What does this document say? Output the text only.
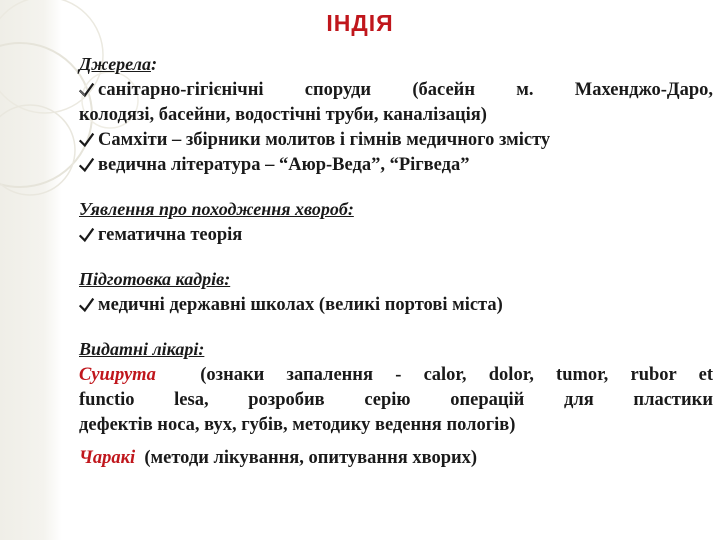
ІНДІЯ
Джерела:
санітарно-гігієнічні споруди (басейн м. Махенджо-Даро,
колодязі, басейни, водостічні труби, каналізація)
Самхіти – збірники молитов і гімнів медичного змісту
ведична література – “Аюр-Веда”, “Рігведа”
Уявлення про походження хвороб:
гематична теорія
Підготовка кадрів:
медичні державні школах (великі портові міста)
Видатні лікарі:
Сушрута (ознаки запалення - calor, dolor, tumor, rubor et
functio lesa, розробив серію операцій для пластики
дефектів носа, вух, губів, методику ведення пологів)
Чаракі (методи лікування, опитування хворих)
